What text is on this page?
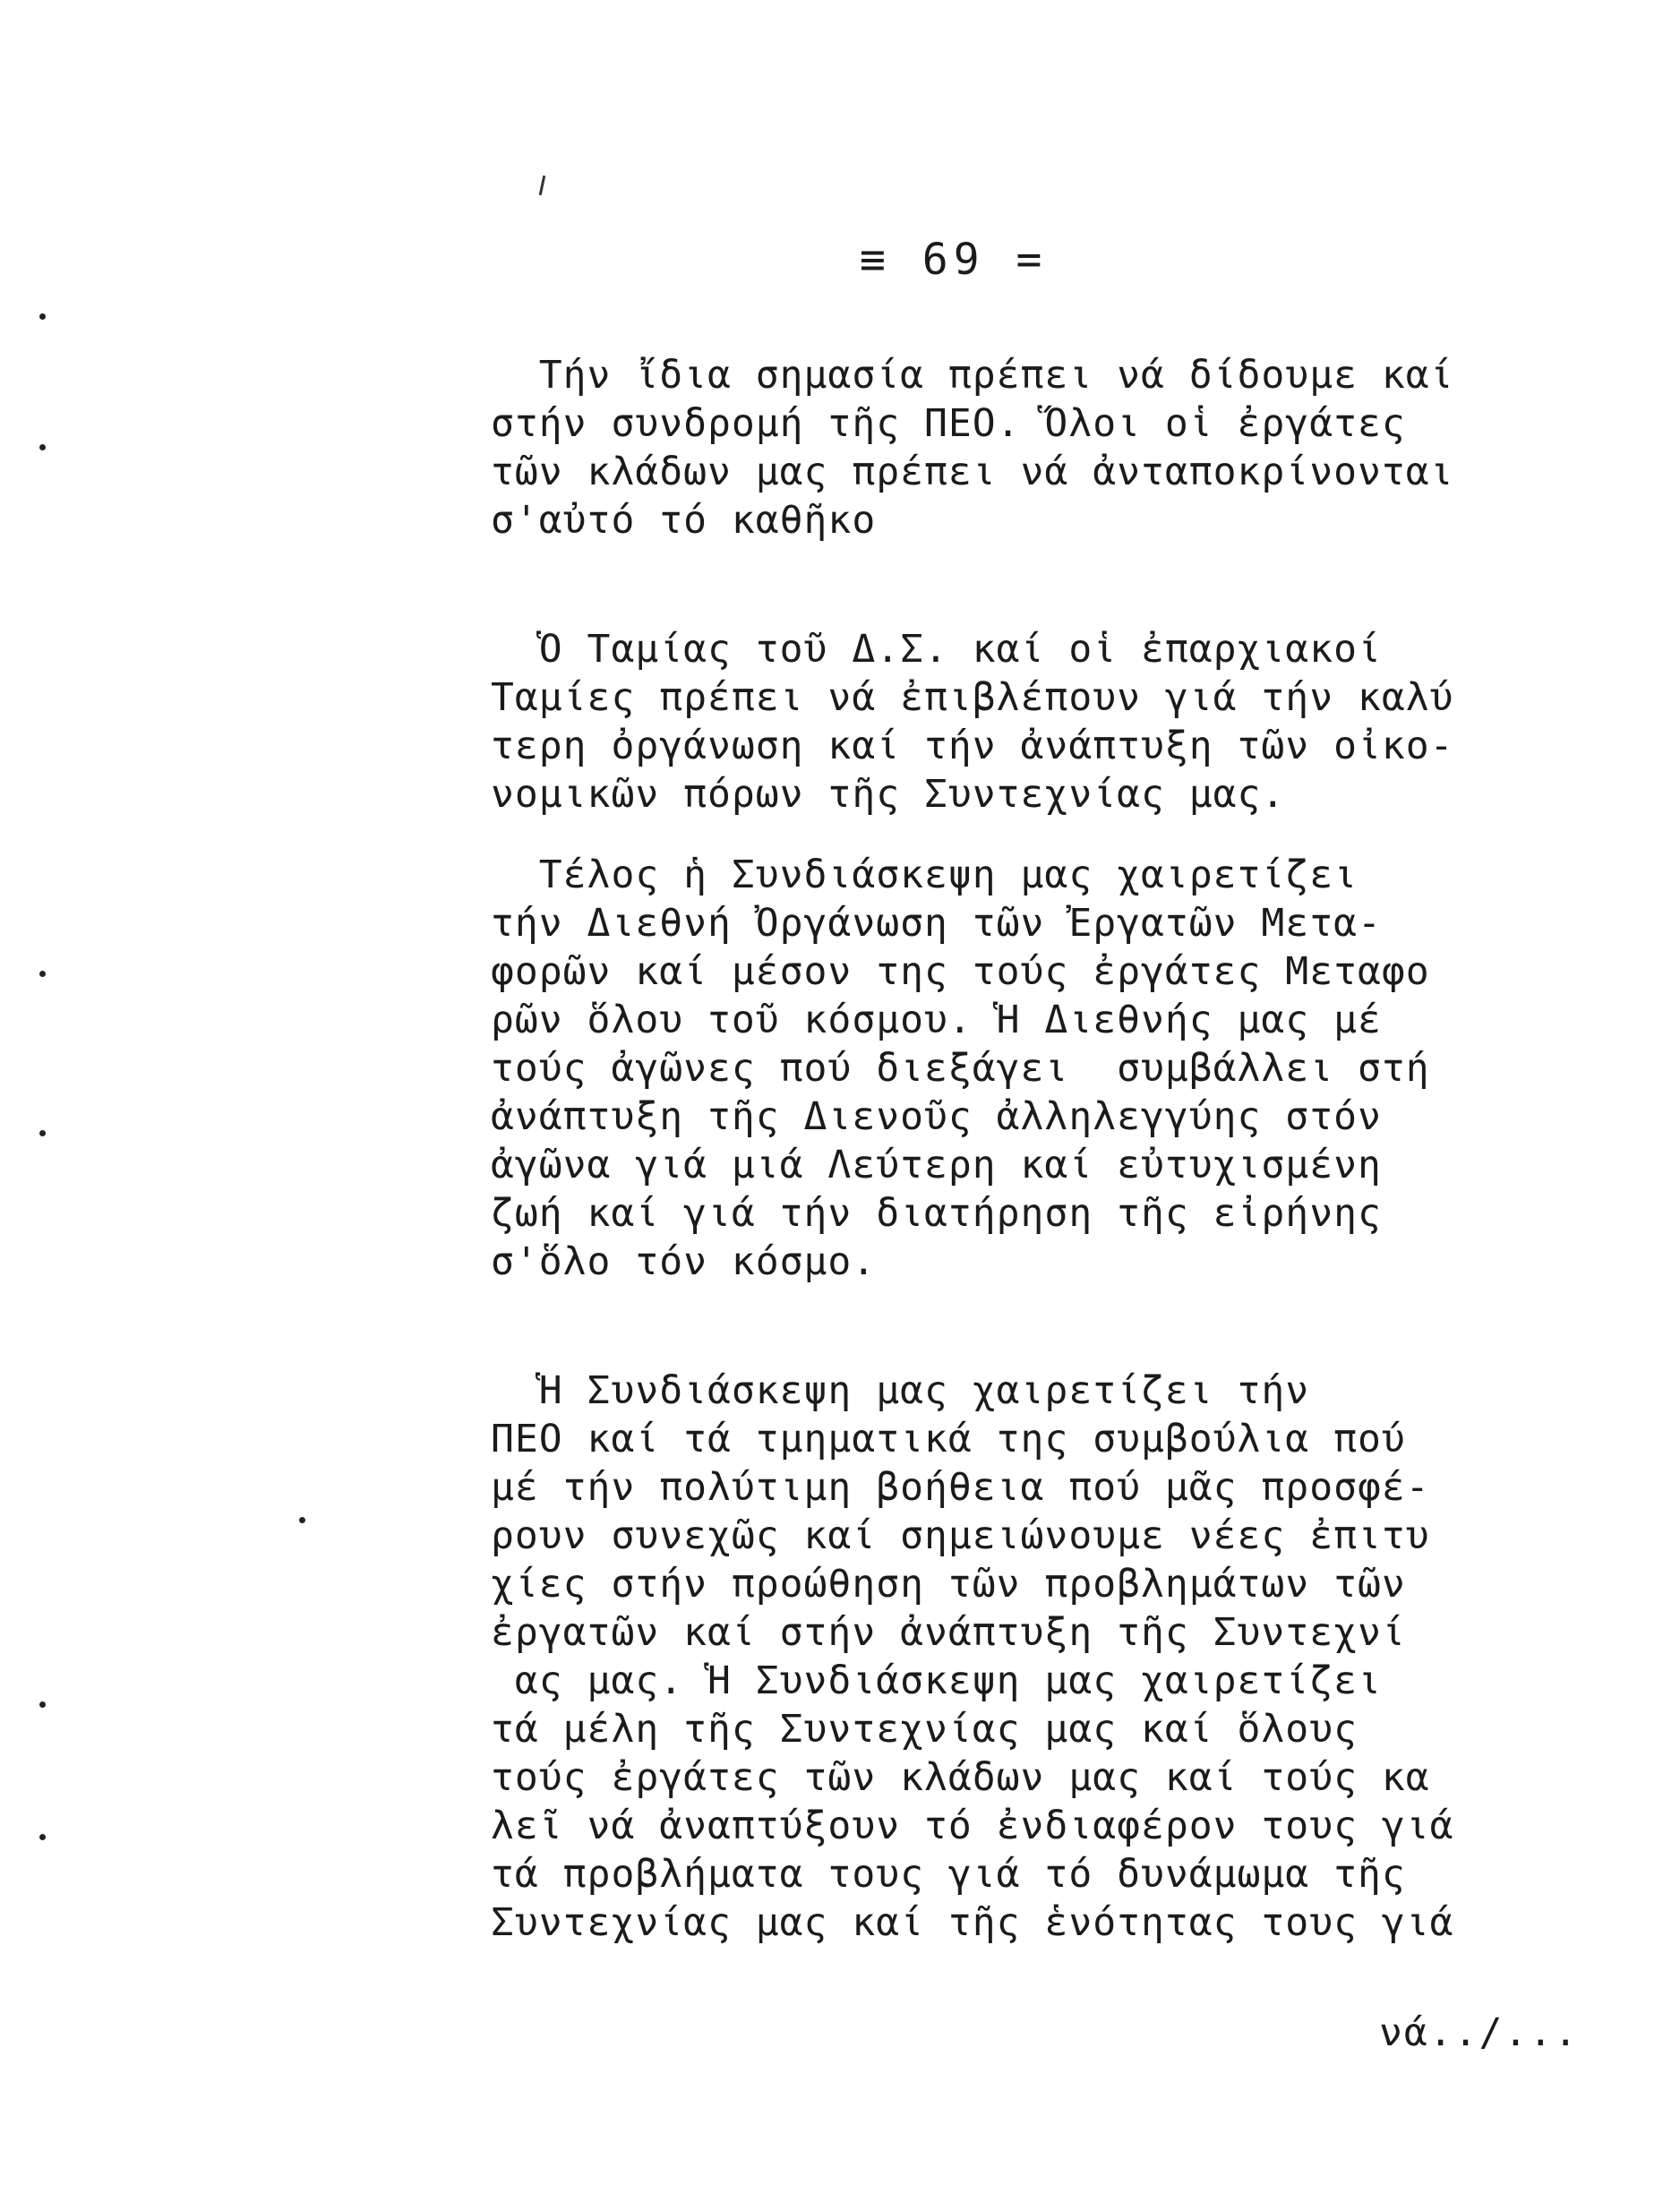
≡ 69 =
Τήν ἴδια σημασία πρέπει νά δίδουμε καί
στήν συνδρομή τῆς ΠΕΟ. Ὅλοι οἱ ἐργάτες
τῶν κλάδων μας πρέπει νά ἀνταποκρίνονται
σ'αὐτό τό καθῆκο
Ὁ Ταμίας τοῦ Δ.Σ. καί οἱ ἐπαρχιακοί
Ταμίες πρέπει νά ἐπιβλέπουν γιά τήν καλύ
τερη ὀργάνωση καί τήν ἀνάπτυξη τῶν οἰκο-
νομικῶν πόρων τῆς Συντεχνίας μας.
Τέλος ἡ Συνδιάσκεψη μας χαιρετίζει
τήν Διεθνή Ὀργάνωση τῶν Ἐργατῶν Μετα-
φορῶν καί μέσον της τούς ἐργάτες Μεταφο
ρῶν ὅλου τοῦ κόσμου. Ἡ Διεθνής μας μέ
τούς ἀγῶνες πού διεξάγει  συμβάλλει στή
ἀνάπτυξη τῆς Διενοῦς ἀλληλεγγύης στόν
ἀγῶνα γιά μιά Λεύτερη καί εὐτυχισμένη
ζωή καί γιά τήν διατήρηση τῆς εἰρήνης
σ'ὅλο τόν κόσμο.
Ἡ Συνδιάσκεψη μας χαιρετίζει τήν
ΠΕΟ καί τά τμηματικά της συμβούλια πού
μέ τήν πολύτιμη βοήθεια πού μᾶς προσφέ-
ρουν συνεχῶς καί σημειώνουμε νέες ἐπιτυ
χίες στήν προώθηση τῶν προβλημάτων τῶν
ἐργατῶν καί στήν ἀνάπτυξη τῆς Συντεχνί
ας μας. Ἡ Συνδιάσκεψη μας χαιρετίζει
τά μέλη τῆς Συντεχνίας μας καί ὅλους
τούς ἐργάτες τῶν κλάδων μας καί τούς κα
λεῖ νά ἀναπτύξουν τό ἐνδιαφέρον τους γιά
τά προβλήματα τους γιά τό δυνάμωμα τῆς
Συντεχνίας μας καί τῆς ἑνότητας τους γιά
νά../...
